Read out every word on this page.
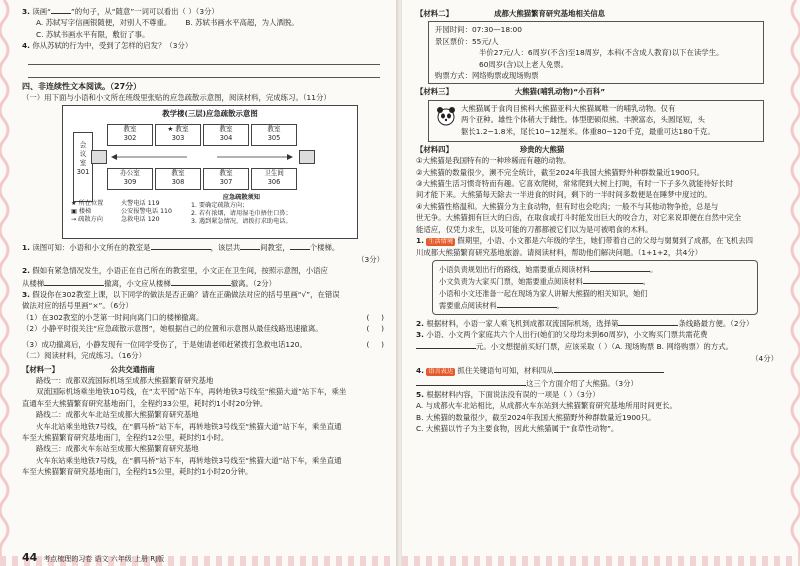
3. 读画“	”的句子，从“随意”一词可以看出（ ）（3分）
A. 苏轼写字信画银随便，对别人不尊重。 B. 苏轼书画水平高超，为人洒脱。
C. 苏轼书画水平有限，敷衍了事。
4. 你从苏轼的行为中，受到了怎样的启发？（3分）
四、非连续性文本阅读。（27分）
（一）用下面与小语和小文所在班级里张贴的应急疏散示意图，阅读材料，完成练习。（11分）
教学楼(三层)应急疏散示意图
会
议
室
301
教室
302
★ 教室
303
教室
304
教室
305
办公室
309
教室
308
教室
307
卫生间
306
★ 所在位置
▣ 楼梯
→ 疏散方向
火警电话 119
公安报警电话 110
急救电话 120
应急疏散须知
1. 要确定疏散方向；
2. 若有浓烟，请用湿毛巾捂住口鼻；
3. 遇到紧急情况，请拨打求助电话。
1. 读图可知：小语和小文所在的教室是	，该层共	间教室，	个楼梯。
（3分）
2. 假如有紧急情况发生，小语正在自己所在的教室里，小文正在卫生间，按照示意图，小语应
从楼梯	撤离，小文应从楼梯	撤离。（2分）
3. 假设你在302教室上课，以下同学的做法是否正确？请在正确做法对应的括号里画“√”，在错误
做法对应的括号里画“×”。（6分）
（1）在302教室的小芝第一时间向离门口的楼梯撤离。	(     )
（2）小静平时很关注“应急疏散示意图”，她根据自己的位置和示意图从最佳线路迅速撤离。	(     )
（3）成功撤离后，小静发现有一位同学受伤了，于是她请老师赶紧拨打急救电话120。	(     )
（二）阅读材料，完成练习。（16分）
【材料一】	公共交通指南
路线一：成都双流国际机场至成都大熊猫繁育研究基地
双流国际机场乘坐地铁10号线，在“太平园”站下车，再转地铁3号线至“熊猫大道”站下车，乘坐
直通车至大熊猫繁育研究基地南门，全程约33公里，耗时约1小时20分钟。
路线二：成都火车北站至成都大熊猫繁育研究基地
火车北站乘坐地铁7号线，在“驷马桥”站下车，再转地铁3号线至“熊猫大道”站下车，乘坐直通
车至大熊猫繁育研究基地南门，全程约12公里，耗时约1小时。
路线三：成都火车东站至成都大熊猫繁育研究基地
火车东站乘坐地铁7号线，在“驷马桥”站下车，再转地铁3号线至“熊猫大道”站下车，乘坐直通
车至大熊猫繁育研究基地南门，全程约15公里，耗时约1小时20分钟。
44 考点梳理的习卷 语文 六年级 上册 RJ版
【材料二】	成都大熊猫繁育研究基地相关信息
开园时间：07:30—18:00
景区票价：55元/人
半价27元/人：6周岁(不含)至18周岁，本科(不含成人教育)以下在读学生。
60周岁(含)以上老人免票。
购票方式：网络购票或现场购票
【材料三】	大熊猫(哺乳动物)“小百科”
大熊猫属于食肉目熊科大熊猫亚科大熊猫属唯一的哺乳动物。仅有
两个亚种。雄性个体稍大于雌性。体型肥硕似熊、丰腴富态，头圆尾短，头
躯长1.2~1.8米，尾长10~12厘米。体重80~120千克，最重可达180千克。
【材料四】	珍贵的大熊猫
①大熊猫是我国特有的一种珍稀而有趣的动物。
②大熊猫的数量很少，濒不完全统计，截至2024年我国大熊猫野外种群数量近1900只。
③大熊猫生活习惯奇特而有趣。它喜欢爬树，常常爬到大树上打盹，有时一下子多久就能待好长时
间才能下来。大熊猫每天除去一半进食的时间，剩下的一半时间多数便是在睡梦中度过的。
④大熊猫性格温和。大熊猫分为主食动物，但有时也会吃肉；一般不与其他动物争抢，总是与
世无争。大熊猫拥有巨大的臼齿，在取食或打斗时能发出巨大的咬合力，对它来说即便在自然中完全
能适应，仅凭力求生，以及可能的刀都都被它们以为是可被啃食的木料。
1. 生活情境 假期里，小语、小文都是六年级的学生，她们带着自己的父母与舅舅到了成都，在飞机去四
川成都大熊猫繁育研究基地旅游。请阅读材料，帮助他们解决问题。（1+1+2，共4分）
小语负责规划出行的路线，她需要重点阅读材料	。
小文负责为大家买门票，她需要重点阅读材料	。
小语和小文还准备一起在现场为家人讲解大熊猫的相关知识，她们
需要重点阅读材料	。
2. 根据材料，小语一家人乘飞机到成都双流国际机场，选择第	条线路最方便。（2分）
3. 小语、小文两个家庭共六个人出行(她们的父母均未到60周岁)，小文购买门票共需花费
元。小文想提前买好门票，应该采取（ ）（A. 现场购票 B. 网络购票）的方式。
（4分）
4. 语言表达 抓住关键语句可知，材料四从
这三个方面介绍了大熊猫。（3分）
5. 根据材料内容，下面说法没有误的一项是（ ）（3分）
A. 与成都火车北站相比，从成都火车东站到大熊猫繁育研究基地所用时间更长。
B. 大熊猫的数量很少，截至2024年我国大熊猫野外种群数量近1900只。
C. 大熊猫以竹子为主要食物，因此大熊猫属于“食草性动物”。
